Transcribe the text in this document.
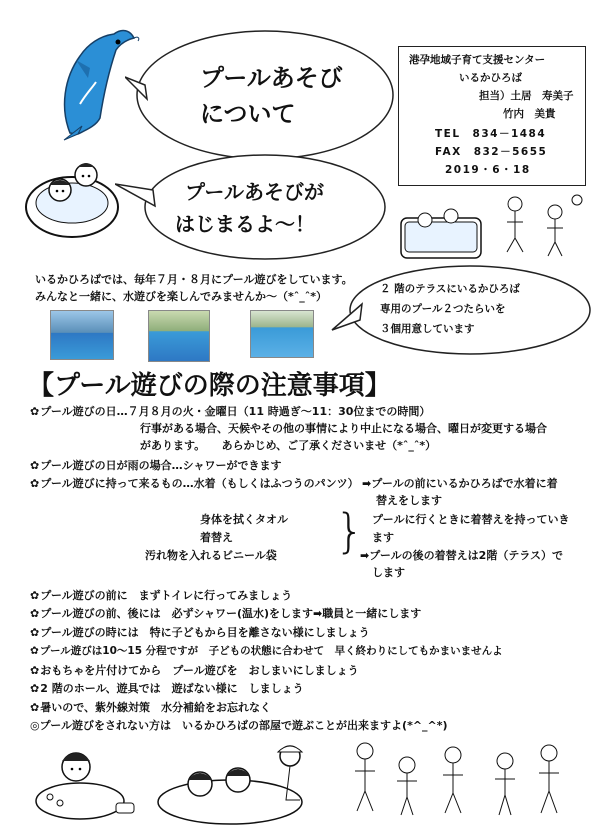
プールあそび
について
港孕地域子育て支援センター
いるかひろば
担当）土居　寿美子
竹内　美貴
TEL　834－1484
FAX　832－5655
2019・6・18
プールあそびが
はじまるよ～！
いるかひろばでは、毎年７月・８月にプール遊びをしています。
みんなと一緒に、水遊びを楽しんでみませんか～（*ˆ_ˆ*）
２ 階のテラスにいるかひろば
専用のプール２つたらいを
３個用意しています
【プール遊びの際の注意事項】
✿ プール遊びの日…７月８月の火・金曜日（11 時過ぎ～11：30位までの時間）
行事がある場合、天候やその他の事情により中止になる場合、曜日が変更する場合
があります。　　あらかじめ、ご了承くださいませ（*ˆ_ˆ*）
✿ プール遊びの日が雨の場合…シャワーができます
✿ プール遊びに持って来るもの…水着（もしくはふつうのパンツ） ➡プールの前にいるかひろばで水着に着
替えをします
身体を拭くタオル
着替え
汚れ物を入れるビニール袋 } プールに行くときに着替えを持っていき
ます
➡プールの後の着替えは2階（テラス）で
します
✿ プール遊びの前に　まずトイレに行ってみましょう
✿ プール遊びの前、後には　必ずシャワー(温水)をします➡職員と一緒にします
✿ プール遊びの時には　特に子どもから目を離さない様にしましょう
✿ プール遊びは10～15 分程ですが　子どもの状態に合わせて　早く終わりにしてもかまいませんよ
✿ おもちゃを片付けてから　プール遊びを　おしまいにしましょう
✿ 2 階のホール、遊具では　遊ばない様に　しましょう
✿ 暑いので、紫外線対策　水分補給をお忘れなく
◎プール遊びをされない方は　いるかひろばの部屋で遊ぶことが出来ますよ(*^_^*)
